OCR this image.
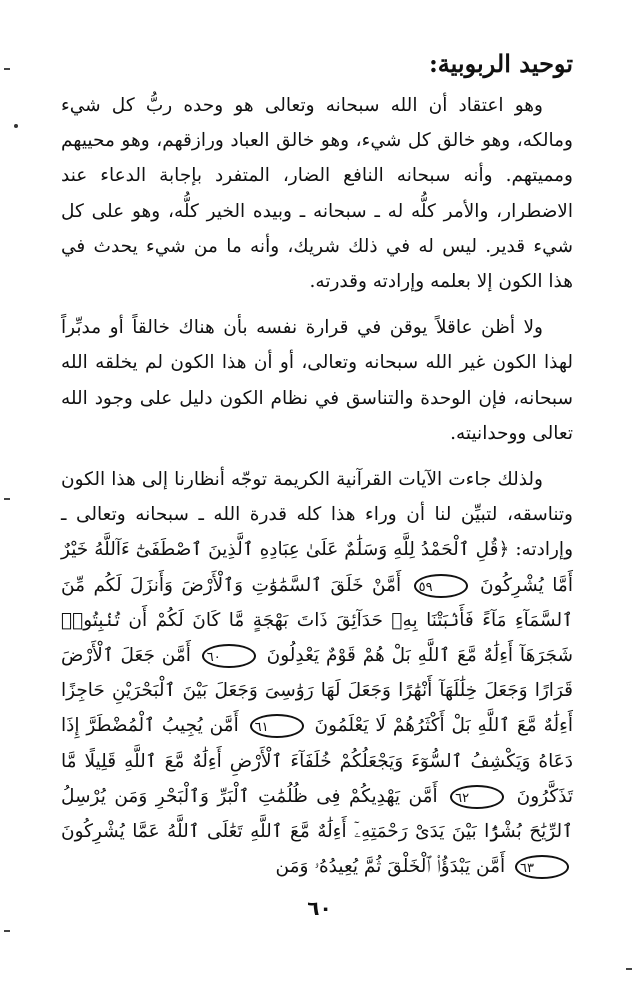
توحيد الربوبية:

وهو اعتقاد أن الله سبحانه وتعالى هو وحده ربُّ كل شيء ومالكه، وهو خالق كل شيء، وهو خالق العباد ورازقهم، وهو محييهم ومميتهم. وأنه سبحانه النافع الضار، المتفرد بإجابة الدعاء عند الاضطرار، والأمر كلُّه له ـ سبحانه ـ وبيده الخير كلُّه، وهو على كل شيء قدير. ليس له في ذلك شريك، وأنه ما من شيء يحدث في هذا الكون إلا بعلمه وإرادته وقدرته.

ولا أظن عاقلاً يوقن في قرارة نفسه بأن هناك خالقاً أو مدبِّراً لهذا الكون غير الله سبحانه وتعالى، أو أن هذا الكون لم يخلقه الله سبحانه، فإن الوحدة والتناسق في نظام الكون دليل على وجود الله تعالى ووحدانيته.

ولذلك جاءت الآيات القرآنية الكريمة توجّه أنظارنا إلى هذا الكون وتناسقه، لتبيِّن لنا أن وراء هذا كله قدرة الله ـ سبحانه وتعالى ـ وإرادته: ﴿قُلِ ٱلْحَمْدُ لِلَّهِ وَسَلَٰمٌ عَلَىٰ عِبَادِهِ ٱلَّذِينَ ٱصْطَفَىٰٓ ءَآللَّهُ خَيْرٌ أَمَّا يُشْرِكُونَ ٥٩ أَمَّنْ خَلَقَ ٱلسَّمَٰوَٰتِ وَٱلْأَرْضَ وَأَنزَلَ لَكُم مِّنَ ٱلسَّمَآءِ مَآءً فَأَنۢبَتْنَا بِهِۦ حَدَآئِقَ ذَاتَ بَهْجَةٍ مَّا كَانَ لَكُمْ أَن تُنۢبِتُوا۟ شَجَرَهَآ أَءِلَٰهٌ مَّعَ ٱللَّهِ بَلْ هُمْ قَوْمٌ يَعْدِلُونَ ٦٠ أَمَّن جَعَلَ ٱلْأَرْضَ قَرَارًا وَجَعَلَ خِلَٰلَهَآ أَنْهَٰرًا وَجَعَلَ لَهَا رَوَٰسِىَ وَجَعَلَ بَيْنَ ٱلْبَحْرَيْنِ حَاجِزًا أَءِلَٰهٌ مَّعَ ٱللَّهِ بَلْ أَكْثَرُهُمْ لَا يَعْلَمُونَ ٦١ أَمَّن يُجِيبُ ٱلْمُضْطَرَّ إِذَا دَعَاهُ وَيَكْشِفُ ٱلسُّوٓءَ وَيَجْعَلُكُمْ خُلَفَآءَ ٱلْأَرْضِ أَءِلَٰهٌ مَّعَ ٱللَّهِ قَلِيلًا مَّا تَذَكَّرُونَ ٦٢ أَمَّن يَهْدِيكُمْ فِى ظُلُمَٰتِ ٱلْبَرِّ وَٱلْبَحْرِ وَمَن يُرْسِلُ ٱلرِّيَٰحَ بُشْرًۢا بَيْنَ يَدَىْ رَحْمَتِهِۦٓ أَءِلَٰهٌ مَّعَ ٱللَّهِ تَعَٰلَى ٱللَّهُ عَمَّا يُشْرِكُونَ ٦٣ أَمَّن يَبْدَؤُا۟ ٱلْخَلْقَ ثُمَّ يُعِيدُهُۥ وَمَن

٦٠
